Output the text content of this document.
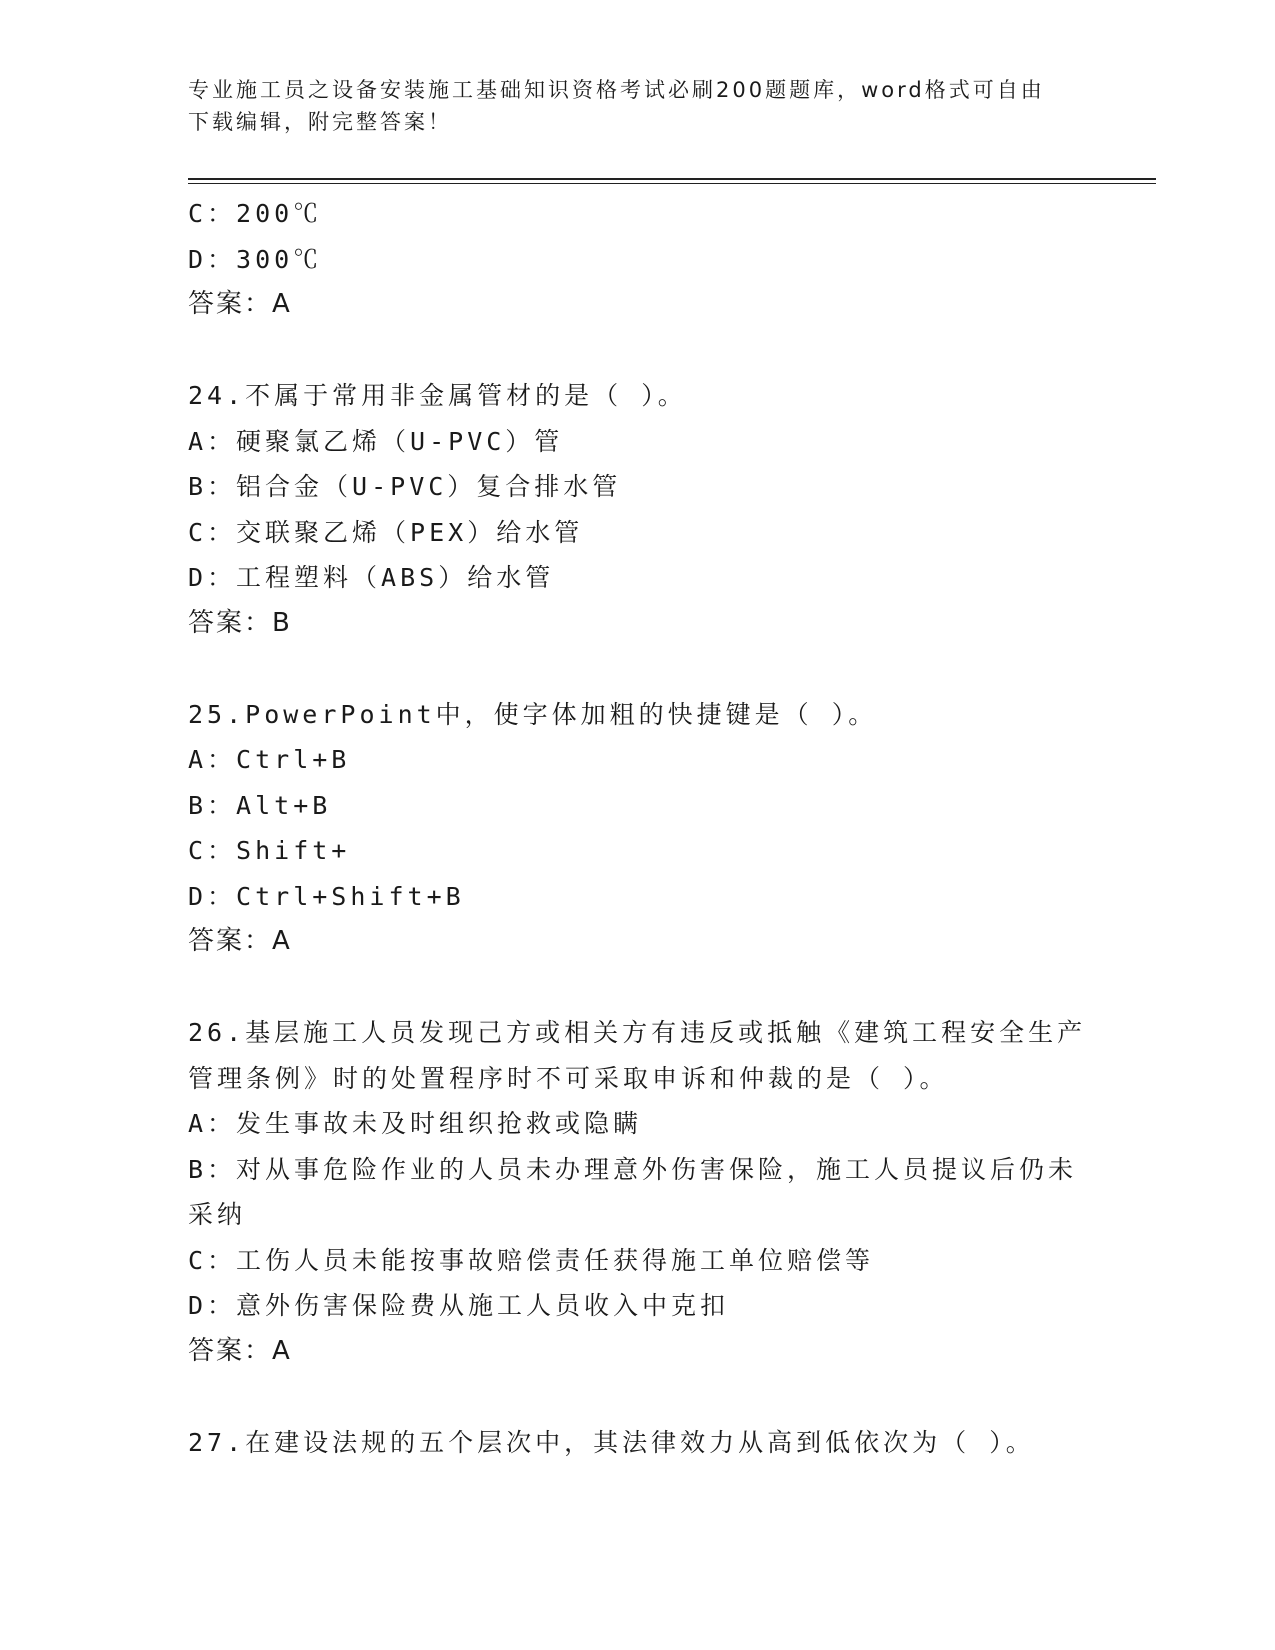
专业施工员之设备安装施工基础知识资格考试必刷200题题库，word格式可自由
下载编辑，附完整答案！
C：200℃
D：300℃
答案：A
24.不属于常用非金属管材的是（ ）。
A：硬聚氯乙烯（U-PVC）管
B：铝合金（U-PVC）复合排水管
C：交联聚乙烯（PEX）给水管
D：工程塑料（ABS）给水管
答案：B
25.PowerPoint中，使字体加粗的快捷键是（ ）。
A：Ctrl+B
B：Alt+B
C：Shift+
D：Ctrl+Shift+B
答案：A
26.基层施工人员发现己方或相关方有违反或抵触《建筑工程安全生产
管理条例》时的处置程序时不可采取申诉和仲裁的是（ ）。
A：发生事故未及时组织抢救或隐瞒
B：对从事危险作业的人员未办理意外伤害保险，施工人员提议后仍未
采纳
C：工伤人员未能按事故赔偿责任获得施工单位赔偿等
D：意外伤害保险费从施工人员收入中克扣
答案：A
27.在建设法规的五个层次中，其法律效力从高到低依次为（ ）。
